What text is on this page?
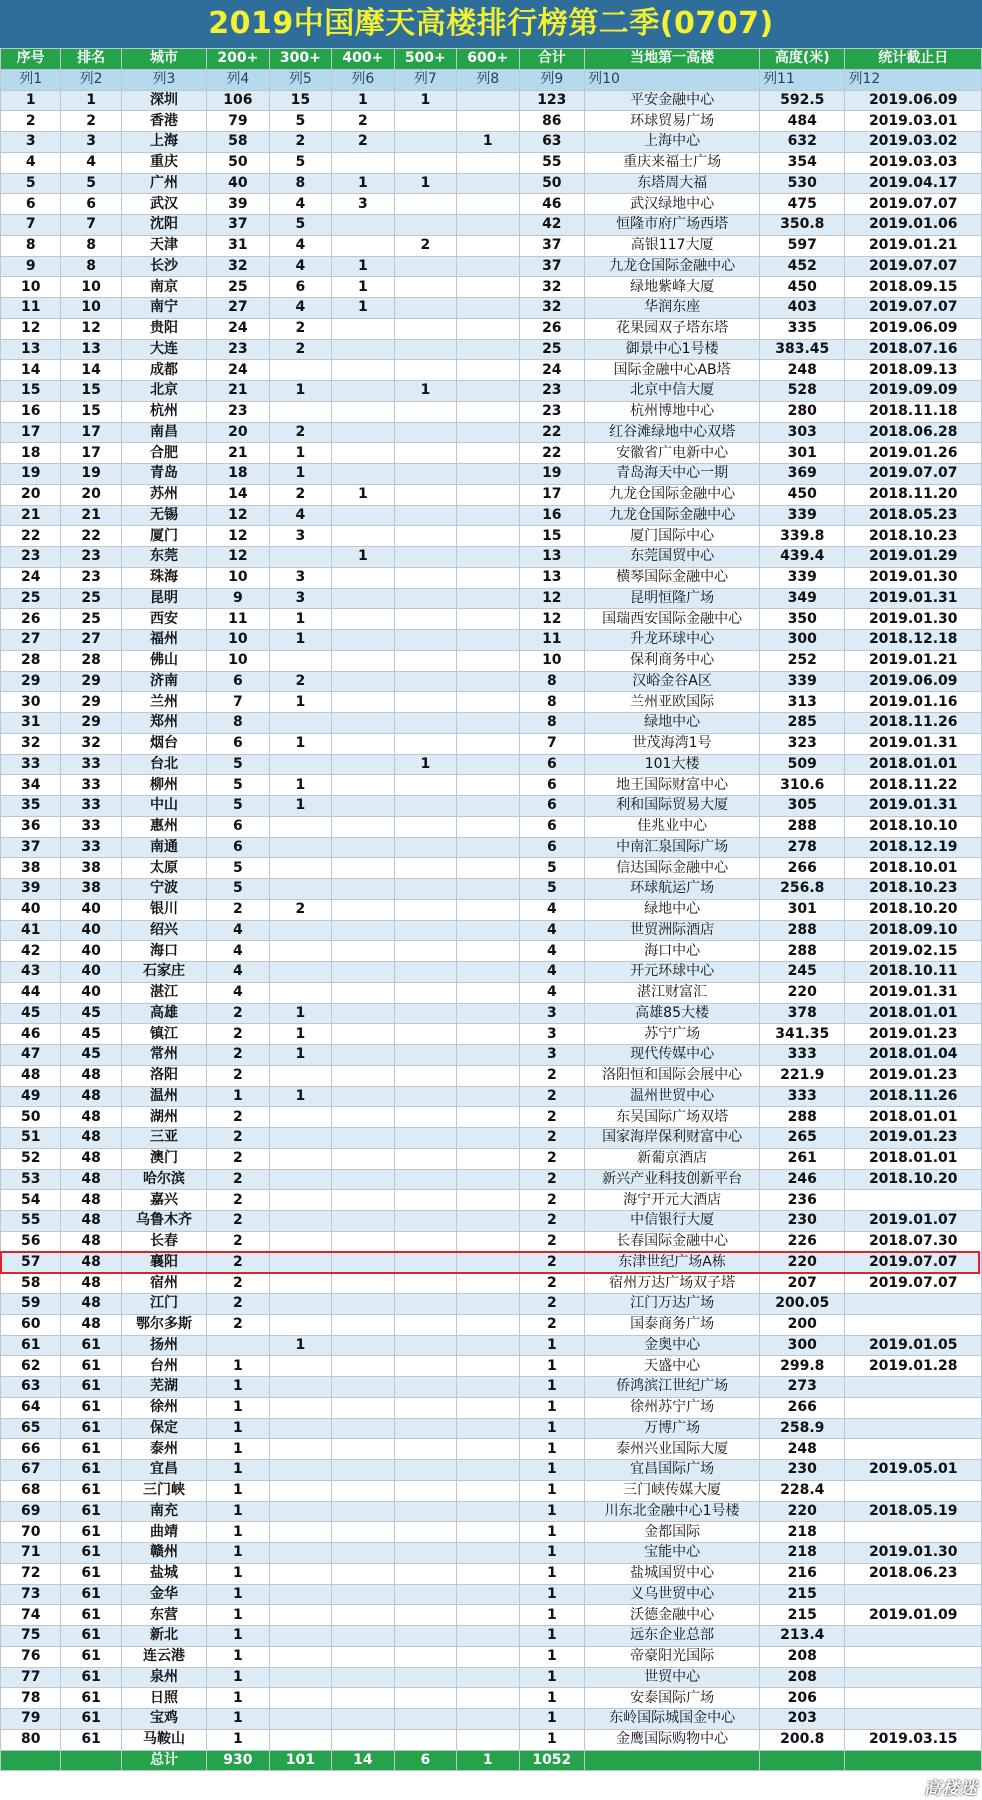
2019中国摩天高楼排行榜第二季(0707)
序号	排名	城市	200+	300+	400+	500+	600+	合计	当地第一高楼	高度(米)	统计截止日
列1	列2	列3	列4	列5	列6	列7	列8	列9	列10	列11	列12
1	1	深圳	106	15	1	1		123	平安金融中心	592.5	2019.06.09
2	2	香港	79	5	2			86	环球贸易广场	484	2019.03.01
3	3	上海	58	2	2		1	63	上海中心	632	2019.03.02
4	4	重庆	50	5				55	重庆来福士广场	354	2019.03.03
5	5	广州	40	8	1	1		50	东塔周大福	530	2019.04.17
6	6	武汉	39	4	3			46	武汉绿地中心	475	2019.07.07
7	7	沈阳	37	5				42	恒隆市府广场西塔	350.8	2019.01.06
8	8	天津	31	4		2		37	高银117大厦	597	2019.01.21
9	8	长沙	32	4	1			37	九龙仓国际金融中心	452	2019.07.07
10	10	南京	25	6	1			32	绿地紫峰大厦	450	2018.09.15
11	10	南宁	27	4	1			32	华润东座	403	2019.07.07
12	12	贵阳	24	2				26	花果园双子塔东塔	335	2019.06.09
13	13	大连	23	2				25	御景中心1号楼	383.45	2018.07.16
14	14	成都	24					24	国际金融中心AB塔	248	2018.09.13
15	15	北京	21	1		1		23	北京中信大厦	528	2019.09.09
16	15	杭州	23					23	杭州博地中心	280	2018.11.18
17	17	南昌	20	2				22	红谷滩绿地中心双塔	303	2018.06.28
18	17	合肥	21	1				22	安徽省广电新中心	301	2019.01.26
19	19	青岛	18	1				19	青岛海天中心一期	369	2019.07.07
20	20	苏州	14	2	1			17	九龙仓国际金融中心	450	2018.11.20
21	21	无锡	12	4				16	九龙仓国际金融中心	339	2018.05.23
22	22	厦门	12	3				15	厦门国际中心	339.8	2018.10.23
23	23	东莞	12		1			13	东莞国贸中心	439.4	2019.01.29
24	23	珠海	10	3				13	横琴国际金融中心	339	2019.01.30
25	25	昆明	9	3				12	昆明恒隆广场	349	2019.01.31
26	25	西安	11	1				12	国瑞西安国际金融中心	350	2019.01.30
27	27	福州	10	1				11	升龙环球中心	300	2018.12.18
28	28	佛山	10					10	保利商务中心	252	2019.01.21
29	29	济南	6	2				8	汉峪金谷A区	339	2019.06.09
30	29	兰州	7	1				8	兰州亚欧国际	313	2019.01.16
31	29	郑州	8					8	绿地中心	285	2018.11.26
32	32	烟台	6	1				7	世茂海湾1号	323	2019.01.31
33	33	台北	5			1		6	101大楼	509	2018.01.01
34	33	柳州	5	1				6	地王国际财富中心	310.6	2018.11.22
35	33	中山	5	1				6	利和国际贸易大厦	305	2019.01.31
36	33	惠州	6					6	佳兆业中心	288	2018.10.10
37	33	南通	6					6	中南汇泉国际广场	278	2018.12.19
38	38	太原	5					5	信达国际金融中心	266	2018.10.01
39	38	宁波	5					5	环球航运广场	256.8	2018.10.23
40	40	银川	2	2				4	绿地中心	301	2018.10.20
41	40	绍兴	4					4	世贸洲际酒店	288	2018.09.10
42	40	海口	4					4	海口中心	288	2019.02.15
43	40	石家庄	4					4	开元环球中心	245	2018.10.11
44	40	湛江	4					4	湛江财富汇	220	2019.01.31
45	45	高雄	2	1				3	高雄85大楼	378	2018.01.01
46	45	镇江	2	1				3	苏宁广场	341.35	2019.01.23
47	45	常州	2	1				3	现代传媒中心	333	2018.01.04
48	48	洛阳	2					2	洛阳恒和国际会展中心	221.9	2019.01.23
49	48	温州	1	1				2	温州世贸中心	333	2018.11.26
50	48	湖州	2					2	东吴国际广场双塔	288	2018.01.01
51	48	三亚	2					2	国家海岸保利财富中心	265	2019.01.23
52	48	澳门	2					2	新葡京酒店	261	2018.01.01
53	48	哈尔滨	2					2	新兴产业科技创新平台	246	2018.10.20
54	48	嘉兴	2					2	海宁开元大酒店	236	
55	48	乌鲁木齐	2					2	中信银行大厦	230	2019.01.07
56	48	长春	2					2	长春国际金融中心	226	2018.07.30
57	48	襄阳	2					2	东津世纪广场A栋	220	2019.07.07
58	48	宿州	2					2	宿州万达广场双子塔	207	2019.07.07
59	48	江门	2					2	江门万达广场	200.05	
60	48	鄂尔多斯	2					2	国泰商务广场	200	
61	61	扬州		1				1	金奥中心	300	2019.01.05
62	61	台州	1					1	天盛中心	299.8	2019.01.28
63	61	芜湖	1					1	侨鸿滨江世纪广场	273	
64	61	徐州	1					1	徐州苏宁广场	266	
65	61	保定	1					1	万博广场	258.9	
66	61	泰州	1					1	泰州兴业国际大厦	248	
67	61	宜昌	1					1	宜昌国际广场	230	2019.05.01
68	61	三门峡	1					1	三门峡传媒大厦	228.4	
69	61	南充	1					1	川东北金融中心1号楼	220	2018.05.19
70	61	曲靖	1					1	金都国际	218	
71	61	赣州	1					1	宝能中心	218	2019.01.30
72	61	盐城	1					1	盐城国贸中心	216	2018.06.23
73	61	金华	1					1	义乌世贸中心	215	
74	61	东营	1					1	沃德金融中心	215	2019.01.09
75	61	新北	1					1	远东企业总部	213.4	
76	61	连云港	1					1	帝豪阳光国际	208	
77	61	泉州	1					1	世贸中心	208	
78	61	日照	1					1	安泰国际广场	206	
79	61	宝鸡	1					1	东岭国际城国金中心	203	
80	61	马鞍山	1					1	金鹰国际购物中心	200.8	2019.03.15
		总计	930	101	14	6	1	1052			
高楼迷
